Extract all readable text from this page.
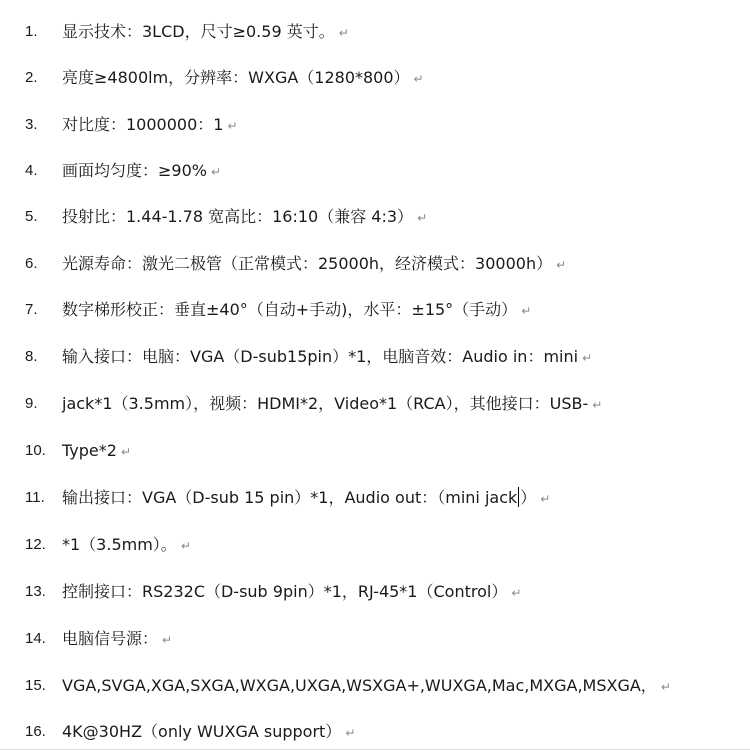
1.	显示技术：3LCD，尺寸≥0.59 英寸。 ↵
2.	亮度≥4800lm，分辨率：WXGA（1280*800） ↵
3.	对比度：1000000：1 ↵
4.	画面均匀度：≥90% ↵
5.	投射比：1.44-1.78 宽高比：16:10（兼容 4:3） ↵
6.	光源寿命：激光二极管（正常模式：25000h，经济模式：30000h） ↵
7.	数字梯形校正：垂直±40°（自动+手动)，水平：±15°（手动） ↵
8.	输入接口：电脑：VGA（D-sub15pin）*1，电脑音效：Audio in：mini ↵
9.	jack*1（3.5mm），视频：HDMI*2，Video*1（RCA），其他接口：USB- ↵
10.	Type*2 ↵
11.	输出接口：VGA（D-sub 15 pin）*1，Audio out：（mini jack ） ↵
12.	*1（3.5mm）。 ↵
13.	控制接口：RS232C（D-sub 9pin）*1，RJ-45*1（Control） ↵
14.	电脑信号源： ↵
15.	VGA,SVGA,XGA,SXGA,WXGA,UXGA,WSXGA+,WUXGA,Mac,MXGA,MSXGA， ↵
16.	4K@30HZ（only WUXGA support） ↵
